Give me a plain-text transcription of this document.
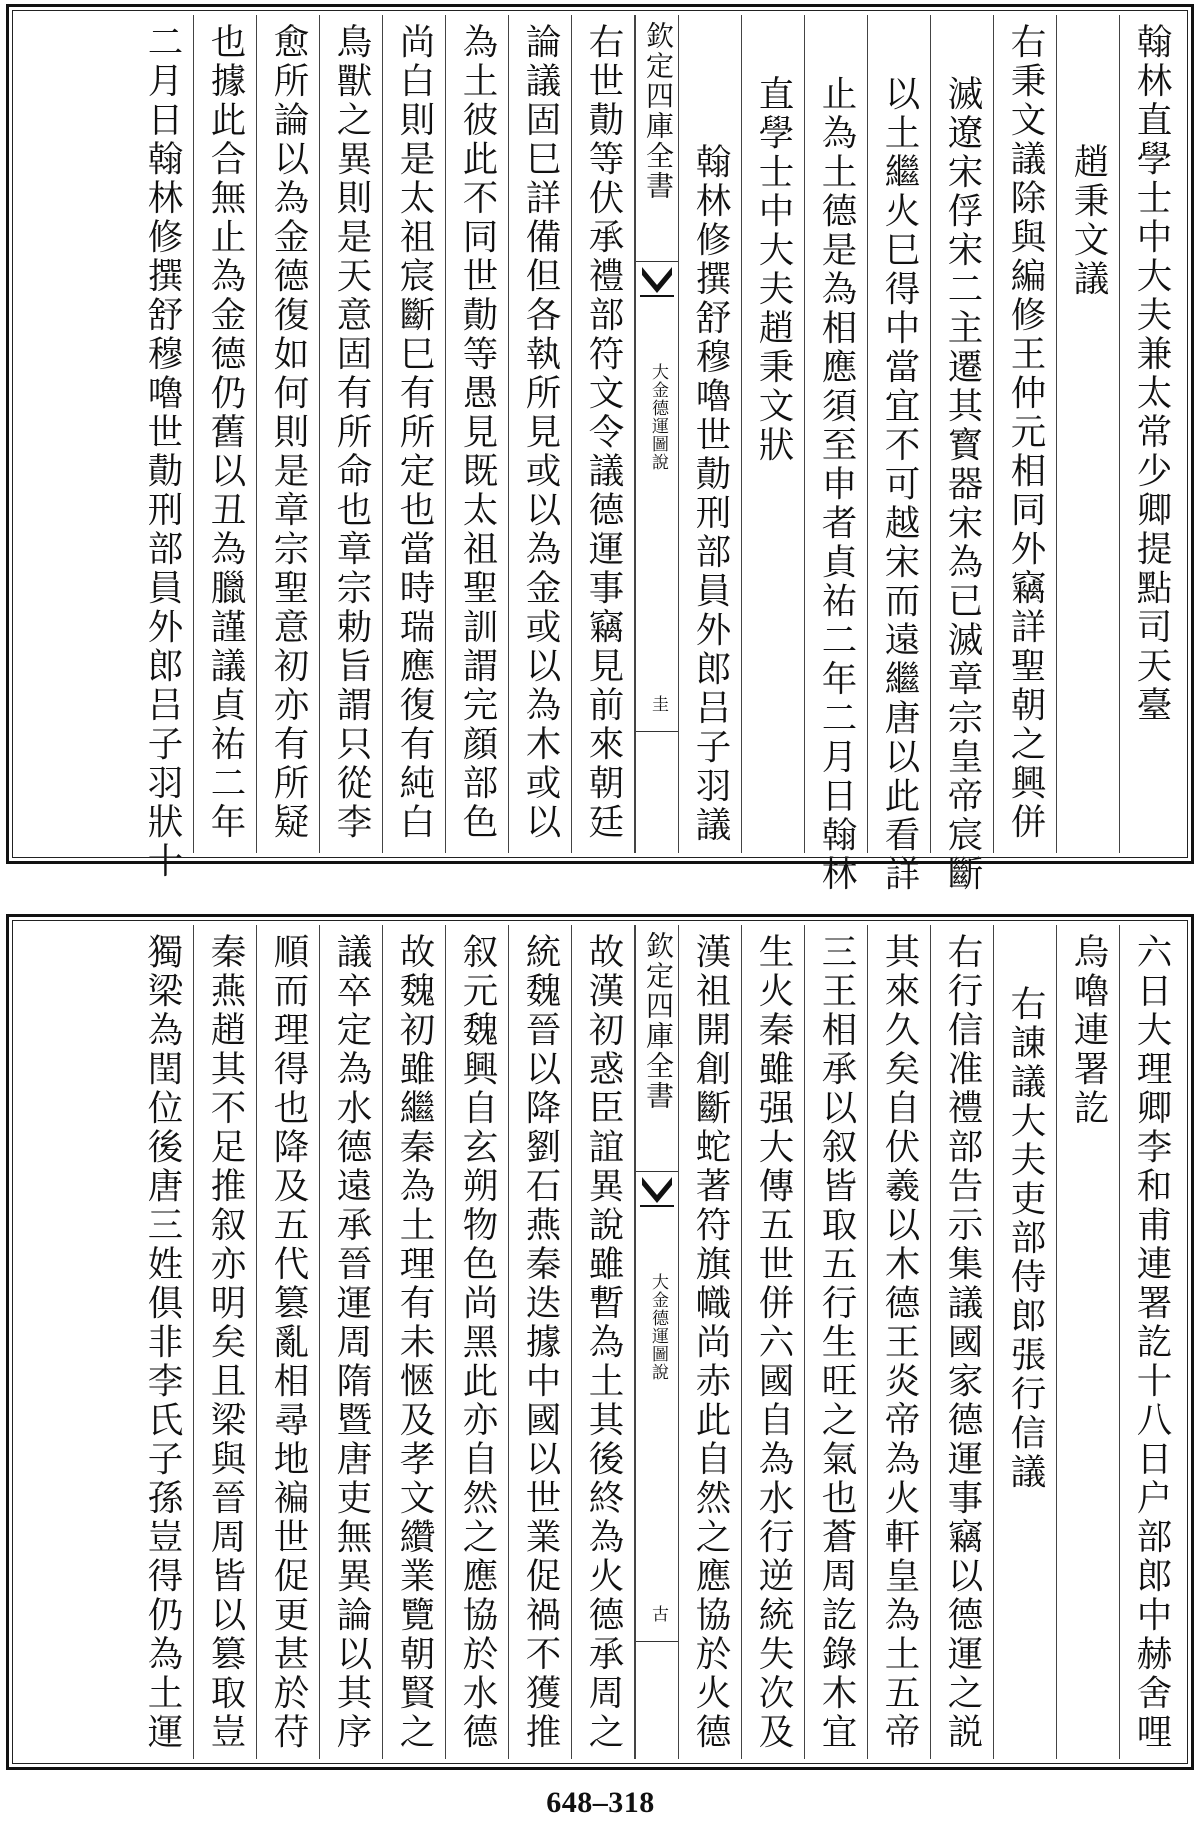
翰林直學士中大夫兼太常少卿提點司天臺
趙秉文議
右秉文議除與編修王仲元相同外竊詳聖朝之興併
滅遼宋俘宋二主遷其寳器宋為已滅章宗皇帝宸斷
以土繼火巳得中當宜不可越宋而遠繼唐以此看詳
止為土德是為相應須至申者貞祐二年二月日翰林
直學士中大夫趙秉文狀
翰林修撰舒穆嚕世勣刑部員外郎吕子羽議
欽定四庫全書
大金德運圖說
圭
右世勣等伏承禮部符文令議德運事竊見前來朝廷
論議固巳詳備但各執所見或以為金或以為木或以
為土彼此不同世勣等愚見既太祖聖訓謂完顔部色
尚白則是太祖宸斷巳有所定也當時瑞應復有純白
鳥獸之異則是天意固有所命也章宗勅旨謂只從李
愈所論以為金德復如何則是章宗聖意初亦有所疑
也據此合無止為金德仍舊以丑為臘謹議貞祐二年
二月日翰林修撰舒穆嚕世勣刑部員外郎吕子羽狀十
六日大理卿李和甫連署訖十八日户部郎中赫舍哩
烏嚕連署訖
右諌議大夫吏部侍郎張行信議
右行信准禮部告示集議國家德運事竊以德運之説
其來久矣自伏羲以木德王炎帝為火軒皇為土五帝
三王相承以叙皆取五行生旺之氣也蒼周訖錄木宜
生火秦雖强大傳五世併六國自為水行逆統失次及
漢祖開創斷蛇著符旗幟尚赤此自然之應協於火德
欽定四庫全書
大金德運圖說
古
故漢初惑臣誼異說雖暫為土其後終為火德承周之
統魏晉以降劉石燕秦迭據中國以世業促禍不獲推
叙元魏興自玄朔物色尚黑此亦自然之應協於水德
故魏初雖繼秦為土理有未愜及孝文纘業覽朝賢之
議卒定為水德遠承晉運周隋暨唐吏無異論以其序
順而理得也降及五代篡亂相尋地褊世促更甚於苻
秦燕趙其不足推叙亦明矣且梁與晉周皆以篡取豈
獨梁為閏位後唐三姓俱非李氏子孫豈得仍為土運
648–318
